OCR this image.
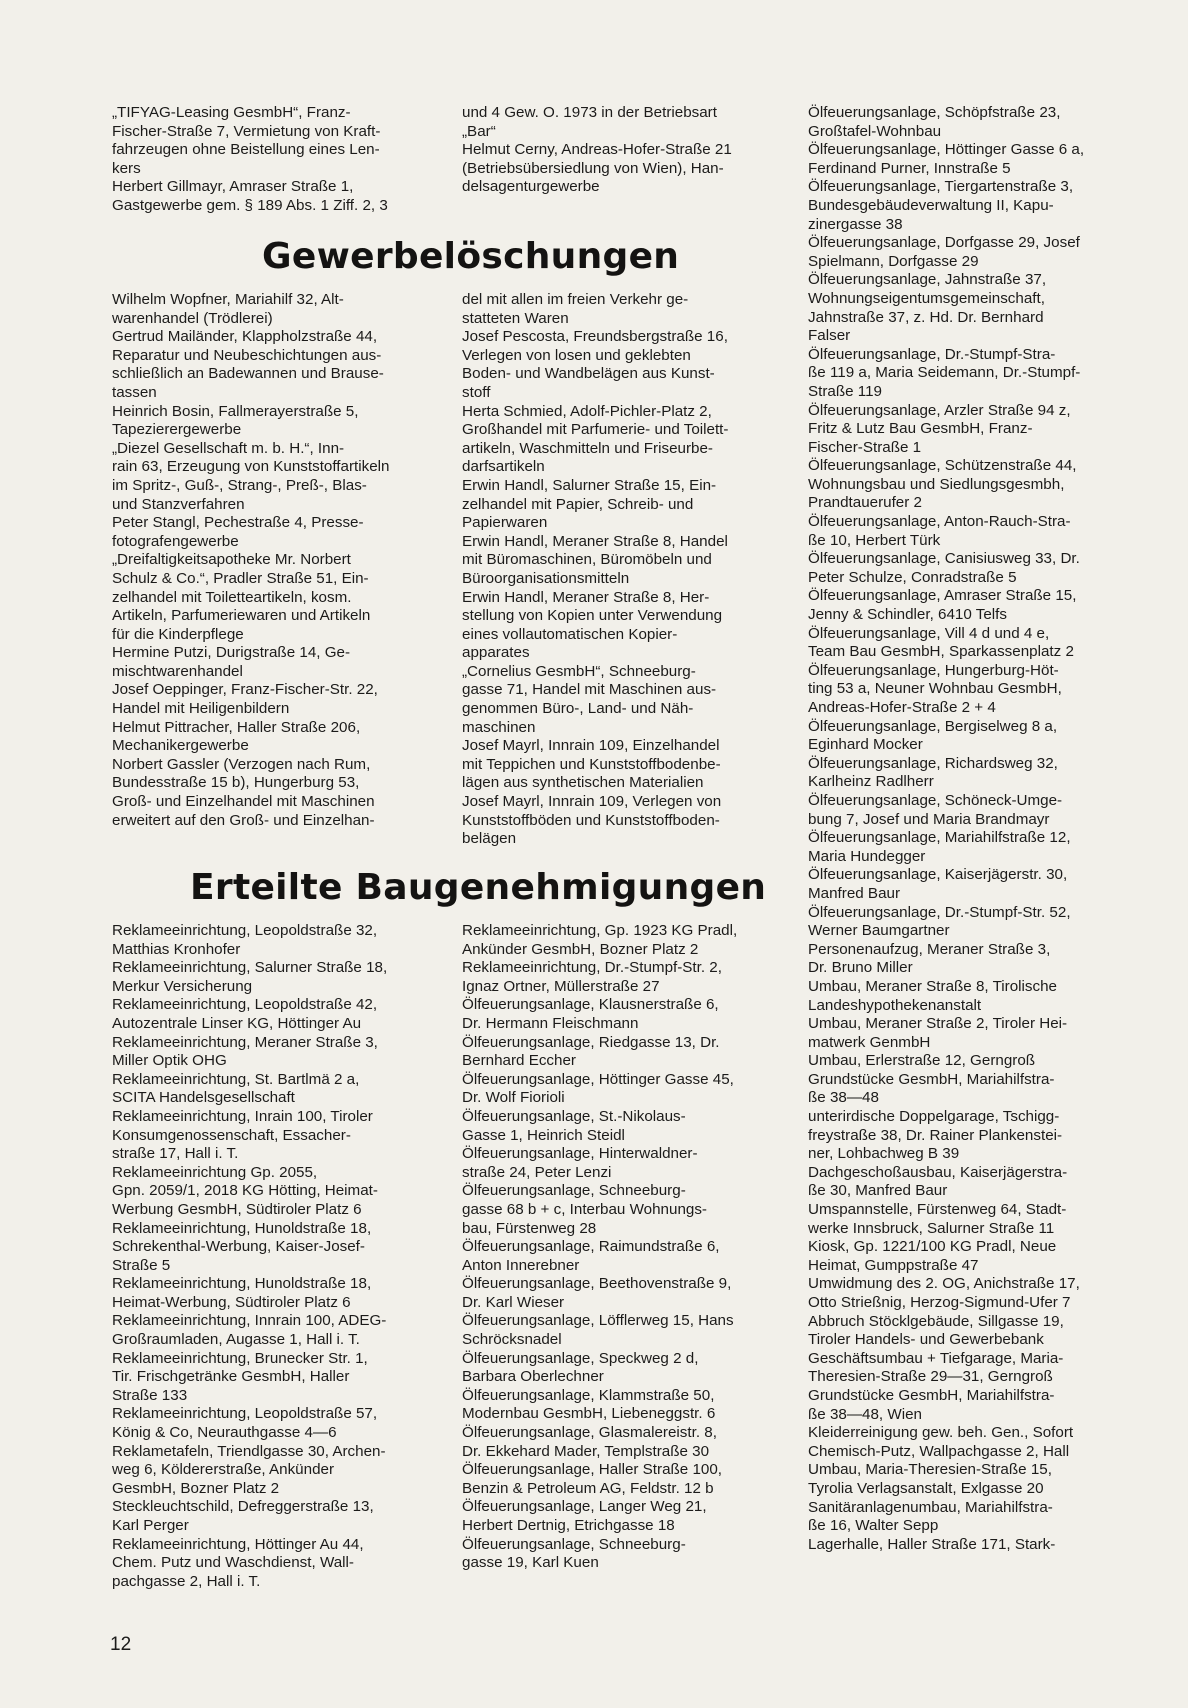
„TIFYAG-Leasing GesmbH“, Franz-

Fischer-Straße 7, Vermietung von Kraft-

fahrzeugen ohne Beistellung eines Len-

kers

Herbert Gillmayr, Amraser Straße 1,

Gastgewerbe gem. § 189 Abs. 1 Ziff. 2, 3

und 4 Gew. O. 1973 in der Betriebsart

„Bar“

Helmut Cerny, Andreas-Hofer-Straße 21

(Betriebsübersiedlung von Wien), Han-

delsagenturgewerbe

Gewerbelöschungen

Wilhelm Wopfner, Mariahilf 32, Alt-

warenhandel (Trödlerei)

Gertrud Mailänder, Klappholzstraße 44,

Reparatur und Neubeschichtungen aus-

schließlich an Badewannen und Brause-

tassen

Heinrich Bosin, Fallmerayerstraße 5,

Tapezierergewerbe

„Diezel Gesellschaft m. b. H.“, Inn-

rain 63, Erzeugung von Kunststoffartikeln

im Spritz-, Guß-, Strang-, Preß-, Blas-

und Stanzverfahren

Peter Stangl, Pechestraße 4, Presse-

fotografengewerbe

„Dreifaltigkeitsapotheke Mr. Norbert

Schulz & Co.“, Pradler Straße 51, Ein-

zelhandel mit Toiletteartikeln, kosm.

Artikeln, Parfumeriewaren und Artikeln

für die Kinderpflege

Hermine Putzi, Durigstraße 14, Ge-

mischtwarenhandel

Josef Oeppinger, Franz-Fischer-Str. 22,

Handel mit Heiligenbildern

Helmut Pittracher, Haller Straße 206,

Mechanikergewerbe

Norbert Gassler (Verzogen nach Rum,

Bundesstraße 15 b), Hungerburg 53,

Groß- und Einzelhandel mit Maschinen

erweitert auf den Groß- und Einzelhan-

del mit allen im freien Verkehr ge-

statteten Waren

Josef Pescosta, Freundsbergstraße 16,

Verlegen von losen und geklebten

Boden- und Wandbelägen aus Kunst-

stoff

Herta Schmied, Adolf-Pichler-Platz 2,

Großhandel mit Parfumerie- und Toilett-

artikeln, Waschmitteln und Friseurbe-

darfsartikeln

Erwin Handl, Salurner Straße 15, Ein-

zelhandel mit Papier, Schreib- und

Papierwaren

Erwin Handl, Meraner Straße 8, Handel

mit Büromaschinen, Büromöbeln und

Büroorganisationsmitteln

Erwin Handl, Meraner Straße 8, Her-

stellung von Kopien unter Verwendung

eines vollautomatischen Kopier-

apparates

„Cornelius GesmbH“, Schneeburg-

gasse 71, Handel mit Maschinen aus-

genommen Büro-, Land- und Näh-

maschinen

Josef Mayrl, Innrain 109, Einzelhandel

mit Teppichen und Kunststoffbodenbe-

lägen aus synthetischen Materialien

Josef Mayrl, Innrain 109, Verlegen von

Kunststoffböden und Kunststoffboden-

belägen

Erteilte Baugenehmigungen

Reklameeinrichtung, Leopoldstraße 32,

Matthias Kronhofer

Reklameeinrichtung, Salurner Straße 18,

Merkur Versicherung

Reklameeinrichtung, Leopoldstraße 42,

Autozentrale Linser KG, Höttinger Au

Reklameeinrichtung, Meraner Straße 3,

Miller Optik OHG

Reklameeinrichtung, St. Bartlmä 2 a,

SCITA Handelsgesellschaft

Reklameeinrichtung, Inrain 100, Tiroler

Konsumgenossenschaft, Essacher-

straße 17, Hall i. T.

Reklameeinrichtung Gp. 2055,

Gpn. 2059/1, 2018 KG Hötting, Heimat-

Werbung GesmbH, Südtiroler Platz 6

Reklameeinrichtung, Hunoldstraße 18,

Schrekenthal-Werbung, Kaiser-Josef-

Straße 5

Reklameeinrichtung, Hunoldstraße 18,

Heimat-Werbung, Südtiroler Platz 6

Reklameeinrichtung, Innrain 100, ADEG-

Großraumladen, Augasse 1, Hall i. T.

Reklameeinrichtung, Brunecker Str. 1,

Tir. Frischgetränke GesmbH, Haller

Straße 133

Reklameeinrichtung, Leopoldstraße 57,

König & Co, Neurauthgasse 4—6

Reklametafeln, Triendlgasse 30, Archen-

weg 6, Köldererstraße, Ankünder

GesmbH, Bozner Platz 2

Steckleuchtschild, Defreggerstraße 13,

Karl Perger

Reklameeinrichtung, Höttinger Au 44,

Chem. Putz und Waschdienst, Wall-

pachgasse 2, Hall i. T.

Reklameeinrichtung, Gp. 1923 KG Pradl,

Ankünder GesmbH, Bozner Platz 2

Reklameeinrichtung, Dr.-Stumpf-Str. 2,

Ignaz Ortner, Müllerstraße 27

Ölfeuerungsanlage, Klausnerstraße 6,

Dr. Hermann Fleischmann

Ölfeuerungsanlage, Riedgasse 13, Dr.

Bernhard Eccher

Ölfeuerungsanlage, Höttinger Gasse 45,

Dr. Wolf Fiorioli

Ölfeuerungsanlage, St.-Nikolaus-

Gasse 1, Heinrich Steidl

Ölfeuerungsanlage, Hinterwaldner-

straße 24, Peter Lenzi

Ölfeuerungsanlage, Schneeburg-

gasse 68 b + c, Interbau Wohnungs-

bau, Fürstenweg 28

Ölfeuerungsanlage, Raimundstraße 6,

Anton Innerebner

Ölfeuerungsanlage, Beethovenstraße 9,

Dr. Karl Wieser

Ölfeuerungsanlage, Löfflerweg 15, Hans

Schröcksnadel

Ölfeuerungsanlage, Speckweg 2 d,

Barbara Oberlechner

Ölfeuerungsanlage, Klammstraße 50,

Modernbau GesmbH, Liebeneggstr. 6

Ölfeuerungsanlage, Glasmalereistr. 8,

Dr. Ekkehard Mader, Templstraße 30

Ölfeuerungsanlage, Haller Straße 100,

Benzin & Petroleum AG, Feldstr. 12 b

Ölfeuerungsanlage, Langer Weg 21,

Herbert Dertnig, Etrichgasse 18

Ölfeuerungsanlage, Schneeburg-

gasse 19, Karl Kuen

Ölfeuerungsanlage, Schöpfstraße 23,

Großtafel-Wohnbau

Ölfeuerungsanlage, Höttinger Gasse 6 a,

Ferdinand Purner, Innstraße 5

Ölfeuerungsanlage, Tiergartenstraße 3,

Bundesgebäudeverwaltung II, Kapu-

zinergasse 38

Ölfeuerungsanlage, Dorfgasse 29, Josef

Spielmann, Dorfgasse 29

Ölfeuerungsanlage, Jahnstraße 37,

Wohnungseigentumsgemeinschaft,

Jahnstraße 37, z. Hd. Dr. Bernhard

Falser

Ölfeuerungsanlage, Dr.-Stumpf-Stra-

ße 119 a, Maria Seidemann, Dr.-Stumpf-

Straße 119

Ölfeuerungsanlage, Arzler Straße 94 z,

Fritz & Lutz Bau GesmbH, Franz-

Fischer-Straße 1

Ölfeuerungsanlage, Schützenstraße 44,

Wohnungsbau und Siedlungsgesmbh,

Prandtauerufer 2

Ölfeuerungsanlage, Anton-Rauch-Stra-

ße 10, Herbert Türk

Ölfeuerungsanlage, Canisiusweg 33, Dr.

Peter Schulze, Conradstraße 5

Ölfeuerungsanlage, Amraser Straße 15,

Jenny & Schindler, 6410 Telfs

Ölfeuerungsanlage, Vill 4 d und 4 e,

Team Bau GesmbH, Sparkassenplatz 2

Ölfeuerungsanlage, Hungerburg-Höt-

ting 53 a, Neuner Wohnbau GesmbH,

Andreas-Hofer-Straße 2 + 4

Ölfeuerungsanlage, Bergiselweg 8 a,

Eginhard Mocker

Ölfeuerungsanlage, Richardsweg 32,

Karlheinz Radlherr

Ölfeuerungsanlage, Schöneck-Umge-

bung 7, Josef und Maria Brandmayr

Ölfeuerungsanlage, Mariahilfstraße 12,

Maria Hundegger

Ölfeuerungsanlage, Kaiserjägerstr. 30,

Manfred Baur

Ölfeuerungsanlage, Dr.-Stumpf-Str. 52,

Werner Baumgartner

Personenaufzug, Meraner Straße 3,

Dr. Bruno Miller

Umbau, Meraner Straße 8, Tirolische

Landeshypothekenanstalt

Umbau, Meraner Straße 2, Tiroler Hei-

matwerk GenmbH

Umbau, Erlerstraße 12, Gerngroß

Grundstücke GesmbH, Mariahilfstra-

ße 38—48

unterirdische Doppelgarage, Tschigg-

freystraße 38, Dr. Rainer Plankenstei-

ner, Lohbachweg B 39

Dachgeschoßausbau, Kaiserjägerstra-

ße 30, Manfred Baur

Umspannstelle, Fürstenweg 64, Stadt-

werke Innsbruck, Salurner Straße 11

Kiosk, Gp. 1221/100 KG Pradl, Neue

Heimat, Gumppstraße 47

Umwidmung des 2. OG, Anichstraße 17,

Otto Strießnig, Herzog-Sigmund-Ufer 7

Abbruch Stöcklgebäude, Sillgasse 19,

Tiroler Handels- und Gewerbebank

Geschäftsumbau + Tiefgarage, Maria-

Theresien-Straße 29—31, Gerngroß

Grundstücke GesmbH, Mariahilfstra-

ße 38—48, Wien

Kleiderreinigung gew. beh. Gen., Sofort

Chemisch-Putz, Wallpachgasse 2, Hall

Umbau, Maria-Theresien-Straße 15,

Tyrolia Verlagsanstalt, Exlgasse 20

Sanitäranlagenumbau, Mariahilfstra-

ße 16, Walter Sepp

Lagerhalle, Haller Straße 171, Stark-

12
